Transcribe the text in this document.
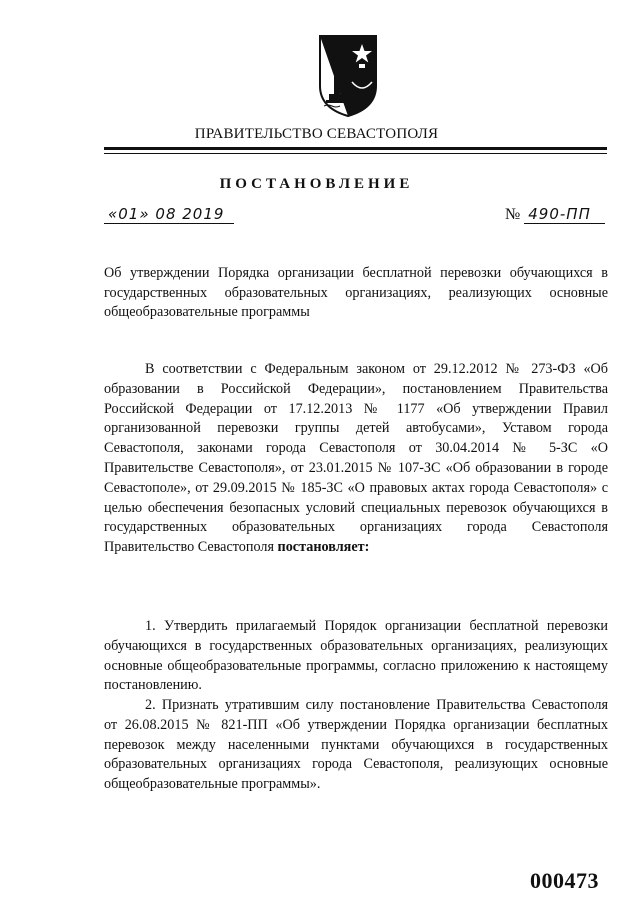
ПРАВИТЕЛЬСТВО СЕВАСТОПОЛЯ
ПОСТАНОВЛЕНИЕ
«01» 08 2019	№ 490-ПП
Об утверждении Порядка организации бесплатной перевозки обучающихся в государственных образовательных организациях, реализующих основные общеобразовательные программы
В соответствии с Федеральным законом от 29.12.2012 № 273-ФЗ «Об образовании в Российской Федерации», постановлением Правительства Российской Федерации от 17.12.2013 № 1177 «Об утверждении Правил организованной перевозки группы детей автобусами», Уставом города Севастополя, законами города Севастополя от 30.04.2014 № 5-ЗС «О Правительстве Севастополя», от 23.01.2015 № 107-ЗС «Об образовании в городе Севастополе», от 29.09.2015 № 185-ЗС «О правовых актах города Севастополя» с целью обеспечения безопасных условий специальных перевозок обучающихся в государственных образовательных организациях города Севастополя Правительство Севастополя постановляет:
1. Утвердить прилагаемый Порядок организации бесплатной перевозки обучающихся в государственных образовательных организациях, реализующих основные общеобразовательные программы, согласно приложению к настоящему постановлению.
2. Признать утратившим силу постановление Правительства Севастополя от 26.08.2015 № 821-ПП «Об утверждении Порядка организации бесплатных перевозок между населенными пунктами обучающихся в государственных образовательных организациях города Севастополя, реализующих основные общеобразовательные программы».
000473
